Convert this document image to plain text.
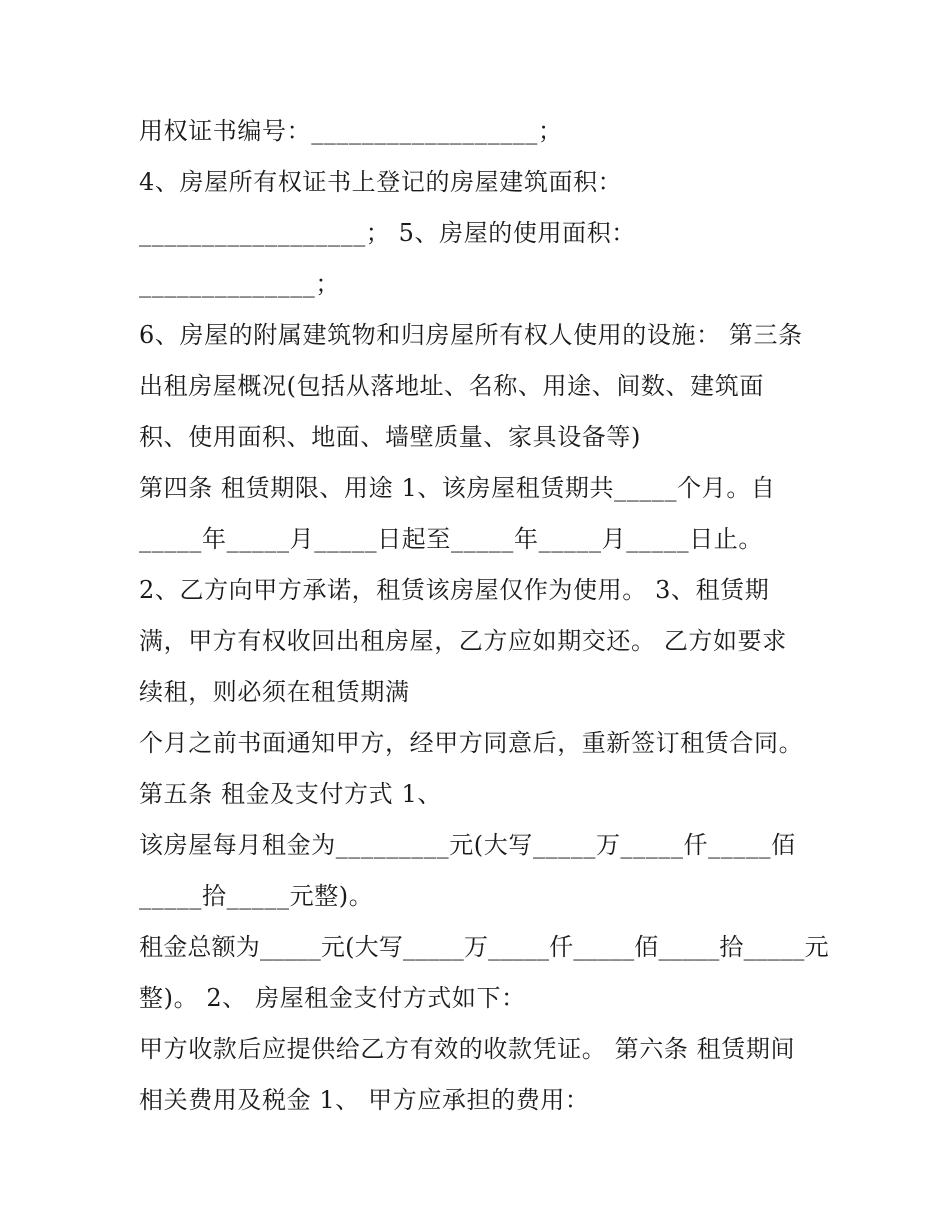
用权证书编号：__________________；
4、房屋所有权证书上登记的房屋建筑面积：
__________________； 5、房屋的使用面积：
______________；
6、房屋的附属建筑物和归房屋所有权人使用的设施： 第三条
出租房屋概况(包括从落地址、名称、用途、间数、建筑面
积、使用面积、地面、墙壁质量、家具设备等)
第四条 租赁期限、用途 1、该房屋租赁期共_____个月。自
_____年_____月_____日起至_____年_____月_____日止。
2、乙方向甲方承诺，租赁该房屋仅作为使用。 3、租赁期
满，甲方有权收回出租房屋，乙方应如期交还。 乙方如要求
续租，则必须在租赁期满
个月之前书面通知甲方，经甲方同意后，重新签订租赁合同。
第五条 租金及支付方式 1、
该房屋每月租金为_________元(大写_____万_____仟_____佰
_____拾_____元整)。
租金总额为_____元(大写_____万_____仟_____佰_____拾_____元
整)。 2、 房屋租金支付方式如下：
甲方收款后应提供给乙方有效的收款凭证。 第六条 租赁期间
相关费用及税金 1、 甲方应承担的费用：
